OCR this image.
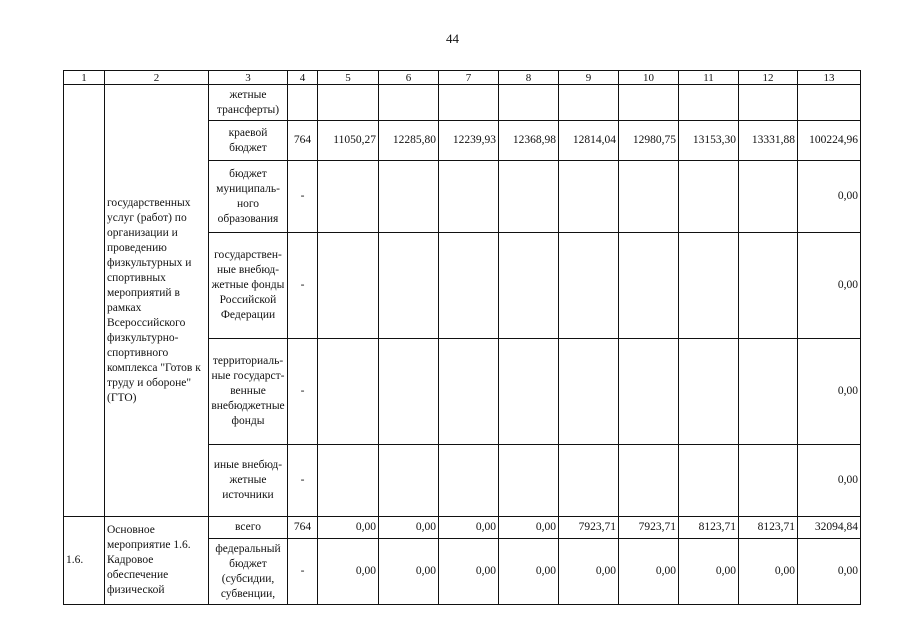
44
1	2	3	4	5	6	7	8	9	10	11	12	13
	государственных услуг (работ) по организации и проведению физкультурных и спортивных мероприятий в рамках Всероссийского физкультурно-спортивного комплекса "Готов к труду и обороне" (ГТО)	жетные трансферты)										
		краевой бюджет	764	11050,27	12285,80	12239,93	12368,98	12814,04	12980,75	13153,30	13331,88	100224,96
		бюджет муниципаль-ного образования	-									0,00
		государствен-ные внебюд-жетные фонды Российской Федерации	-									0,00
		территориаль-ные государст-венные внебюджетные фонды	-									0,00
		иные внебюд-жетные источники	-									0,00
1.6.	Основное мероприятие 1.6. Кадровое обеспечение физической	всего	764	0,00	0,00	0,00	0,00	7923,71	7923,71	8123,71	8123,71	32094,84
		федеральный бюджет (субсидии, субвенции,	-	0,00	0,00	0,00	0,00	0,00	0,00	0,00	0,00	0,00
